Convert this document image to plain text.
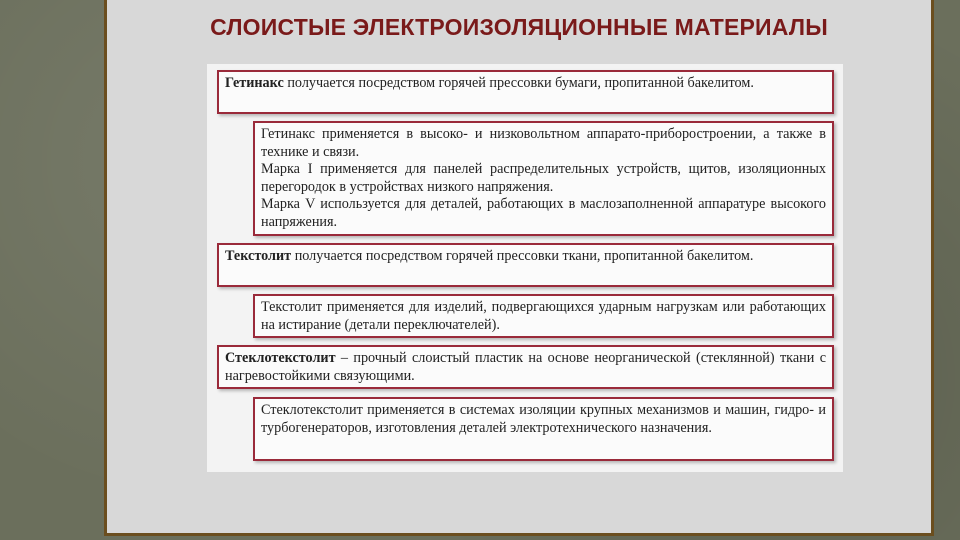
СЛОИСТЫЕ ЭЛЕКТРОИЗОЛЯЦИОННЫЕ МАТЕРИАЛЫ

Гетинакс получается посредством горячей прессовки бумаги, пропитанной бакелитом.

Гетинакс применяется в высоко- и низковольтном аппарато-приборостроении, а также в технике и связи.

Марка I применяется для панелей распределительных устройств, щитов, изоляционных перегородок в устройствах низкого напряжения.

Марка V используется для деталей, работающих в маслозаполненной аппаратуре высокого напряжения.

Текстолит получается посредством горячей прессовки ткани, пропитанной бакелитом.

Текстолит применяется для изделий, подвергающихся ударным нагрузкам или работающих на истирание (детали переключателей).

Стеклотекстолит – прочный слоистый пластик на основе неорганической (стеклянной) ткани с нагревостойкими связующими.

Стеклотекстолит применяется в системах изоляции крупных механизмов и машин, гидро- и турбогенераторов, изготовления деталей электротехнического назначения.
